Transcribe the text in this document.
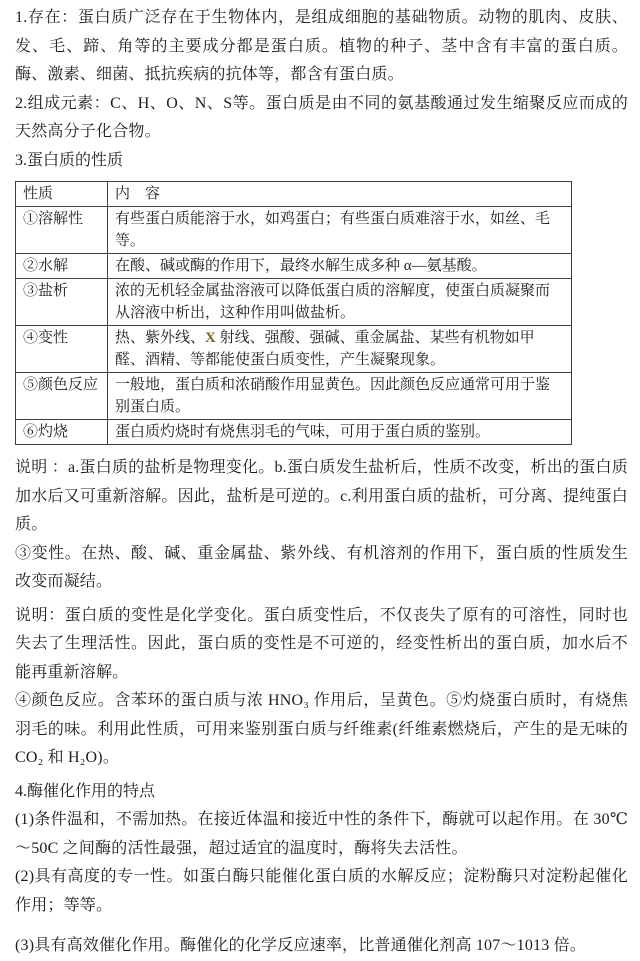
1.存在：蛋白质广泛存在于生物体内，是组成细胞的基础物质。动物的肌肉、皮肤、发、毛、蹄、角等的主要成分都是蛋白质。植物的种子、茎中含有丰富的蛋白质。酶、激素、细菌、抵抗疾病的抗体等，都含有蛋白质。

2.组成元素：C、H、O、N、S等。蛋白质是由不同的氨基酸通过发生缩聚反应而成的天然高分子化合物。

3.蛋白质的性质

性质	内　容
①溶解性	有些蛋白质能溶于水，如鸡蛋白；有些蛋白质难溶于水，如丝、毛等。
②水解	在酸、碱或酶的作用下，最终水解生成多种 α—氨基酸。
③盐析	浓的无机轻金属盐溶液可以降低蛋白质的溶解度，使蛋白质凝聚而从溶液中析出，这种作用叫做盐析。
④变性	热、紫外线、X 射线、强酸、强碱、重金属盐、某些有机物如甲醛、酒精、等都能使蛋白质变性，产生凝聚现象。
⑤颜色反应	一般地，蛋白质和浓硝酸作用显黄色。因此颜色反应通常可用于鉴别蛋白质。
⑥灼烧	蛋白质灼烧时有烧焦羽毛的气味，可用于蛋白质的鉴别。

说明 ：a.蛋白质的盐析是物理变化。b.蛋白质发生盐析后，性质不改变，析出的蛋白质加水后又可重新溶解。因此，盐析是可逆的。c.利用蛋白质的盐析，可分离、提纯蛋白质。

③变性。在热、酸、碱、重金属盐、紫外线、有机溶剂的作用下，蛋白质的性质发生改变而凝结。

说明：蛋白质的变性是化学变化。蛋白质变性后，不仅丧失了原有的可溶性，同时也失去了生理活性。因此，蛋白质的变性是不可逆的，经变性析出的蛋白质，加水后不能再重新溶解。

④颜色反应。含苯环的蛋白质与浓 HNO₃ 作用后，呈黄色。⑤灼烧蛋白质时，有烧焦羽毛的味。利用此性质，可用来鉴别蛋白质与纤维素(纤维素燃烧后，产生的是无味的 CO₂ 和 H₂O)。

4.酶催化作用的特点

(1)条件温和，不需加热。在接近体温和接近中性的条件下，酶就可以起作用。在 30℃～50C 之间酶的活性最强，超过适宜的温度时，酶将失去活性。

(2)具有高度的专一性。如蛋白酶只能催化蛋白质的水解反应；淀粉酶只对淀粉起催化作用；等等。

(3)具有高效催化作用。酶催化的化学反应速率，比普通催化剂高 107～1013 倍。
